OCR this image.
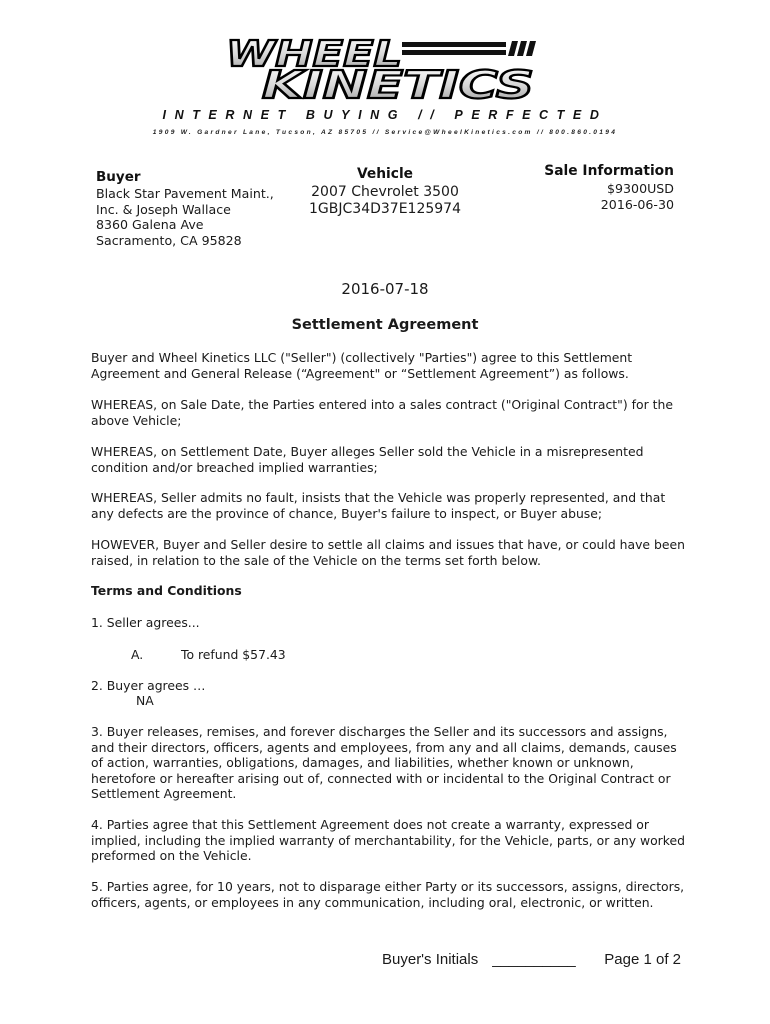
WHEEL
KINETICS
INTERNET BUYING // PERFECTED
1909 W. Gardner Lane, Tucson, AZ 85705 // Service@WheelKinetics.com // 800.860.0194
Buyer
Black Star Pavement Maint.,
Inc. & Joseph Wallace
8360 Galena Ave
Sacramento, CA 95828
Vehicle
2007 Chevrolet 3500
1GBJC34D37E125974
Sale Information
$9300USD
2016-06-30
2016-07-18
Settlement Agreement

Buyer and Wheel Kinetics LLC ("Seller") (collectively "Parties") agree to this Settlement Agreement and General Release (“Agreement" or “Settlement Agreement”) as follows.

WHEREAS, on Sale Date, the Parties entered into a sales contract ("Original Contract") for the above Vehicle;

WHEREAS, on Settlement Date, Buyer alleges Seller sold the Vehicle in a misrepresented condition and/or breached implied warranties;

WHEREAS, Seller admits no fault, insists that the Vehicle was properly represented, and that any defects are the province of chance, Buyer's failure to inspect, or Buyer abuse;

HOWEVER, Buyer and Seller desire to settle all claims and issues that have, or could have been raised, in relation to the sale of the Vehicle on the terms set forth below.

Terms and Conditions
1. Seller agrees...
A.	To refund $57.43
2. Buyer agrees …
NA

3. Buyer releases, remises, and forever discharges the Seller and its successors and assigns, and their directors, officers, agents and employees, from any and all claims, demands, causes of action, warranties, obligations, damages, and liabilities, whether known or unknown, heretofore or hereafter arising out of, connected with or incidental to the Original Contract or Settlement Agreement.

4. Parties agree that this Settlement Agreement does not create a warranty, expressed or implied, including the implied warranty of merchantability, for the Vehicle, parts, or any worked preformed on the Vehicle.

5. Parties agree, for 10 years, not to disparage either Party or its successors, assigns, directors, officers, agents, or employees in any communication, including oral, electronic, or written.

Buyer's Initials __________ Page 1 of 2
